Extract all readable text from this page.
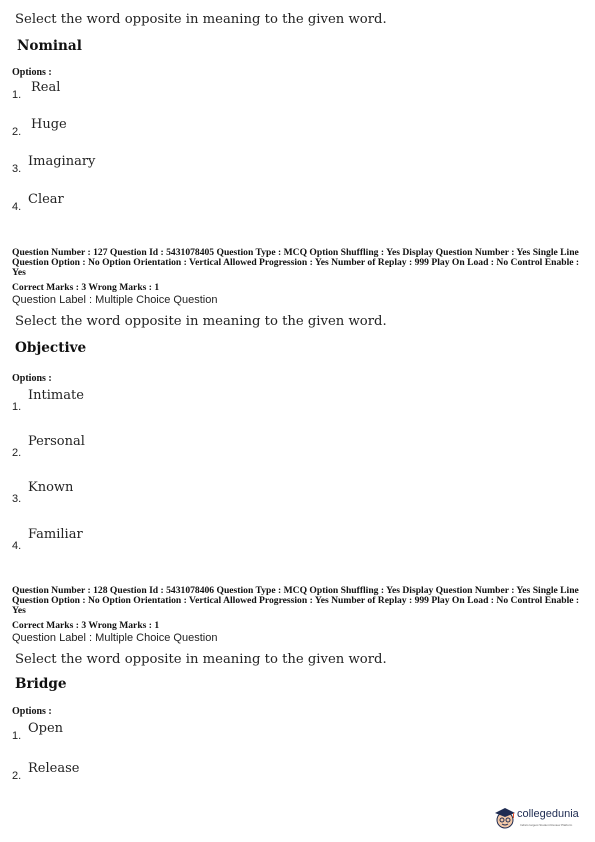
Select the word opposite in meaning to the given word.
Nominal
Options :
1. Real
2. Huge
3. Imaginary
4. Clear
Question Number : 127 Question Id : 5431078405 Question Type : MCQ Option Shuffling : Yes Display Question Number : Yes Single Line Question Option : No Option Orientation : Vertical Allowed Progression : Yes Number of Replay : 999 Play On Load : No Control Enable : Yes
Correct Marks : 3 Wrong Marks : 1
Question Label : Multiple Choice Question
Select the word opposite in meaning to the given word.
Objective
Options :
Intimate
1.
Personal
2.
Known
3.
Familiar
4.
Question Number : 128 Question Id : 5431078406 Question Type : MCQ Option Shuffling : Yes Display Question Number : Yes Single Line Question Option : No Option Orientation : Vertical Allowed Progression : Yes Number of Replay : 999 Play On Load : No Control Enable : Yes
Correct Marks : 3 Wrong Marks : 1
Question Label : Multiple Choice Question
Select the word opposite in meaning to the given word.
Bridge
Options :
1. Open
2. Release
collegedunia
India's largest Student Review Platform
